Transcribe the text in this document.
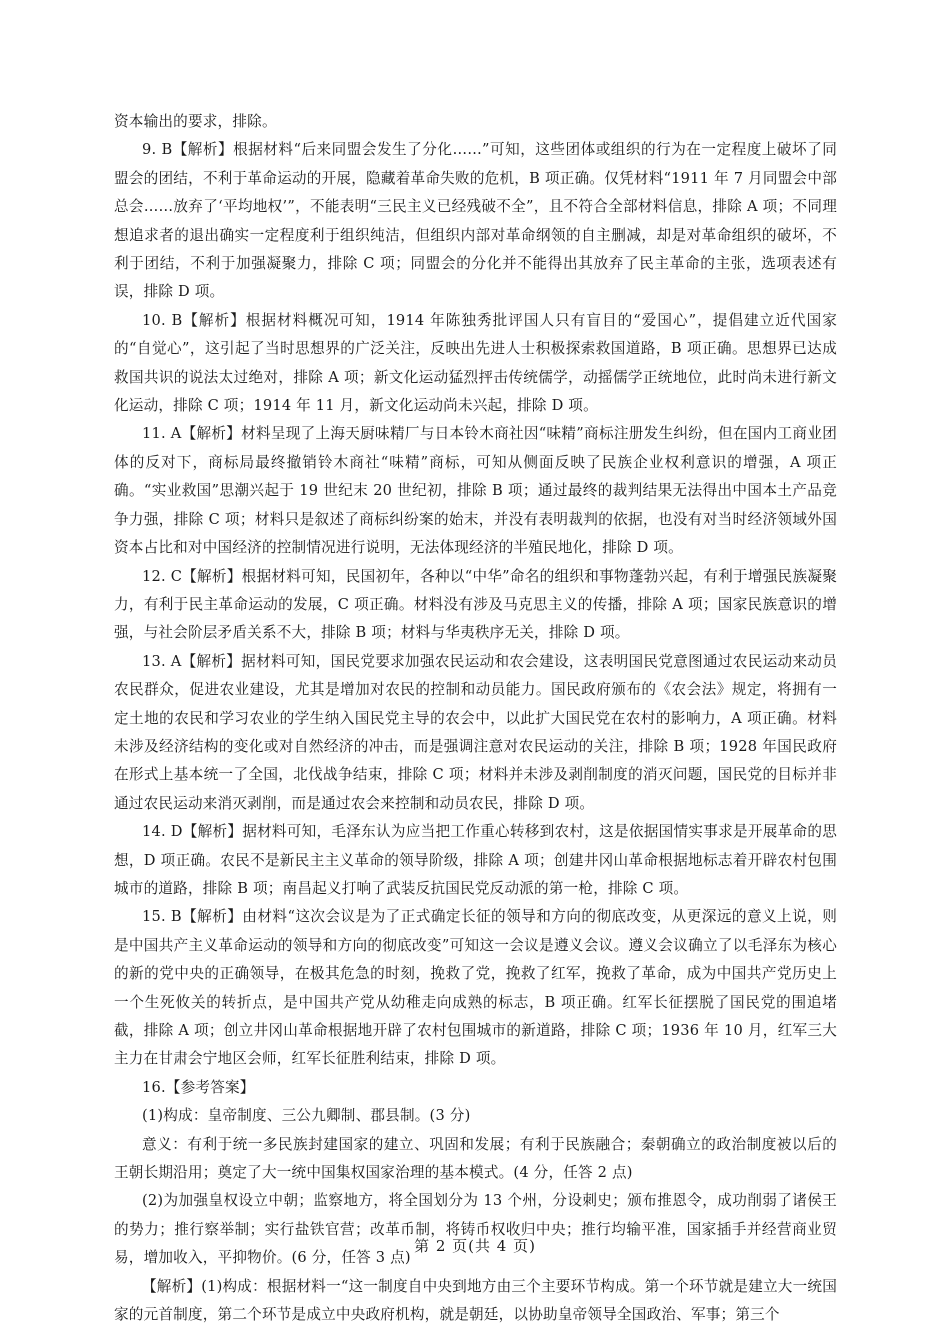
资本输出的要求，排除。

9. B【解析】根据材料“后来同盟会发生了分化……”可知，这些团体或组织的行为在一定程度上破坏了同盟会的团结，不利于革命运动的开展，隐藏着革命失败的危机，B 项正确。仅凭材料“1911 年 7 月同盟会中部总会……放弃了‘平均地权’”，不能表明“三民主义已经残破不全”，且不符合全部材料信息，排除 A 项；不同理想追求者的退出确实一定程度利于组织纯洁，但组织内部对革命纲领的自主删减，却是对革命组织的破坏，不利于团结，不利于加强凝聚力，排除 C 项；同盟会的分化并不能得出其放弃了民主革命的主张，选项表述有误，排除 D 项。

10. B【解析】根据材料概况可知，1914 年陈独秀批评国人只有盲目的“爱国心”，提倡建立近代国家的“自觉心”，这引起了当时思想界的广泛关注，反映出先进人士积极探索救国道路，B 项正确。思想界已达成救国共识的说法太过绝对，排除 A 项；新文化运动猛烈抨击传统儒学，动摇儒学正统地位，此时尚未进行新文化运动，排除 C 项；1914 年 11 月，新文化运动尚未兴起，排除 D 项。

11. A【解析】材料呈现了上海天厨味精厂与日本铃木商社因“味精”商标注册发生纠纷，但在国内工商业团体的反对下，商标局最终撤销铃木商社“味精”商标，可知从侧面反映了民族企业权利意识的增强，A 项正确。“实业救国”思潮兴起于 19 世纪末 20 世纪初，排除 B 项；通过最终的裁判结果无法得出中国本土产品竞争力强，排除 C 项；材料只是叙述了商标纠纷案的始末，并没有表明裁判的依据，也没有对当时经济领域外国资本占比和对中国经济的控制情况进行说明，无法体现经济的半殖民地化，排除 D 项。

12. C【解析】根据材料可知，民国初年，各种以“中华”命名的组织和事物蓬勃兴起，有利于增强民族凝聚力，有利于民主革命运动的发展，C 项正确。材料没有涉及马克思主义的传播，排除 A 项；国家民族意识的增强，与社会阶层矛盾关系不大，排除 B 项；材料与华夷秩序无关，排除 D 项。

13. A【解析】据材料可知，国民党要求加强农民运动和农会建设，这表明国民党意图通过农民运动来动员农民群众，促进农业建设，尤其是增加对农民的控制和动员能力。国民政府颁布的《农会法》规定，将拥有一定土地的农民和学习农业的学生纳入国民党主导的农会中，以此扩大国民党在农村的影响力，A 项正确。材料未涉及经济结构的变化或对自然经济的冲击，而是强调注意对农民运动的关注，排除 B 项；1928 年国民政府在形式上基本统一了全国，北伐战争结束，排除 C 项；材料并未涉及剥削制度的消灭问题，国民党的目标并非通过农民运动来消灭剥削，而是通过农会来控制和动员农民，排除 D 项。

14. D【解析】据材料可知，毛泽东认为应当把工作重心转移到农村，这是依据国情实事求是开展革命的思想，D 项正确。农民不是新民主主义革命的领导阶级，排除 A 项；创建井冈山革命根据地标志着开辟农村包围城市的道路，排除 B 项；南昌起义打响了武装反抗国民党反动派的第一枪，排除 C 项。

15. B【解析】由材料“这次会议是为了正式确定长征的领导和方向的彻底改变，从更深远的意义上说，则是中国共产主义革命运动的领导和方向的彻底改变”可知这一会议是遵义会议。遵义会议确立了以毛泽东为核心的新的党中央的正确领导，在极其危急的时刻，挽救了党，挽救了红军，挽救了革命，成为中国共产党历史上一个生死攸关的转折点，是中国共产党从幼稚走向成熟的标志，B 项正确。红军长征摆脱了国民党的围追堵截，排除 A 项；创立井冈山革命根据地开辟了农村包围城市的新道路，排除 C 项；1936 年 10 月，红军三大主力在甘肃会宁地区会师，红军长征胜利结束，排除 D 项。

16.【参考答案】

(1)构成：皇帝制度、三公九卿制、郡县制。(3 分)

意义：有利于统一多民族封建国家的建立、巩固和发展；有利于民族融合；秦朝确立的政治制度被以后的王朝长期沿用；奠定了大一统中国集权国家治理的基本模式。(4 分，任答 2 点)

(2)为加强皇权设立中朝；监察地方，将全国划分为 13 个州，分设刺史；颁布推恩令，成功削弱了诸侯王的势力；推行察举制；实行盐铁官营；改革币制，将铸币权收归中央；推行均输平准，国家插手并经营商业贸易，增加收入，平抑物价。(6 分，任答 3 点)

【解析】(1)构成：根据材料一“这一制度自中央到地方由三个主要环节构成。第一个环节就是建立大一统国家的元首制度，第二个环节是成立中央政府机构，就是朝廷，以协助皇帝领导全国政治、军事；第三个

第 2 页(共 4 页)
